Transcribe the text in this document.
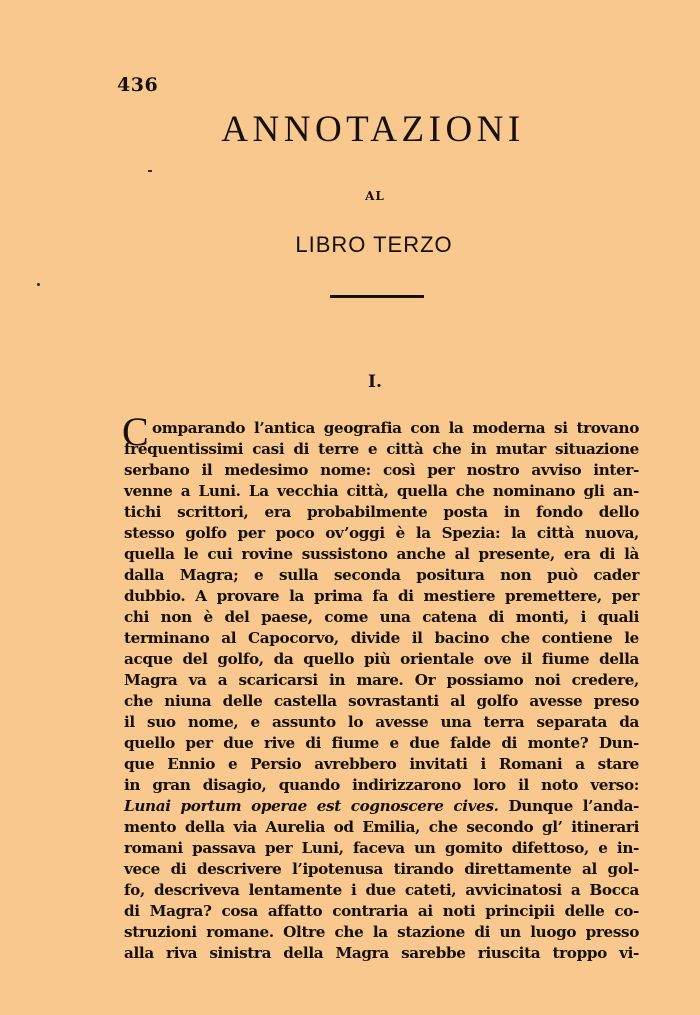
436
ANNOTAZIONI
AL
LIBRO TERZO
I.
C omparando l’antica geografia con la moderna si trovano
frequentissimi casi di terre e città che in mutar situazione
serbano il medesimo nome: così per nostro avviso inter-
venne a Luni. La vecchia città, quella che nominano gli an-
tichi scrittori, era probabilmente posta in fondo dello
stesso golfo per poco ov’oggi è la Spezia: la città nuova,
quella le cui rovine sussistono anche al presente, era di là
dalla Magra; e sulla seconda positura non può cader
dubbio. A provare la prima fa di mestiere premettere, per
chi non è del paese, come una catena di monti, i quali
terminano al Capocorvo, divide il bacino che contiene le
acque del golfo, da quello più orientale ove il fiume della
Magra va a scaricarsi in mare. Or possiamo noi credere,
che niuna delle castella sovrastanti al golfo avesse preso
il suo nome, e assunto lo avesse una terra separata da
quello per due rive di fiume e due falde di monte? Dun-
que Ennio e Persio avrebbero invitati i Romani a stare
in gran disagio, quando indirizzarono loro il noto verso:
Lunai portum operae est cognoscere cives. Dunque l’anda-
mento della via Aurelia od Emilia, che secondo gl’ itinerari
romani passava per Luni, faceva un gomito difettoso, e in-
vece di descrivere l’ipotenusa tirando direttamente al gol-
fo, descriveva lentamente i due cateti, avvicinatosi a Bocca
di Magra? cosa affatto contraria ai noti principii delle co-
struzioni romane. Oltre che la stazione di un luogo presso
alla riva sinistra della Magra sarebbe riuscita troppo vi-
